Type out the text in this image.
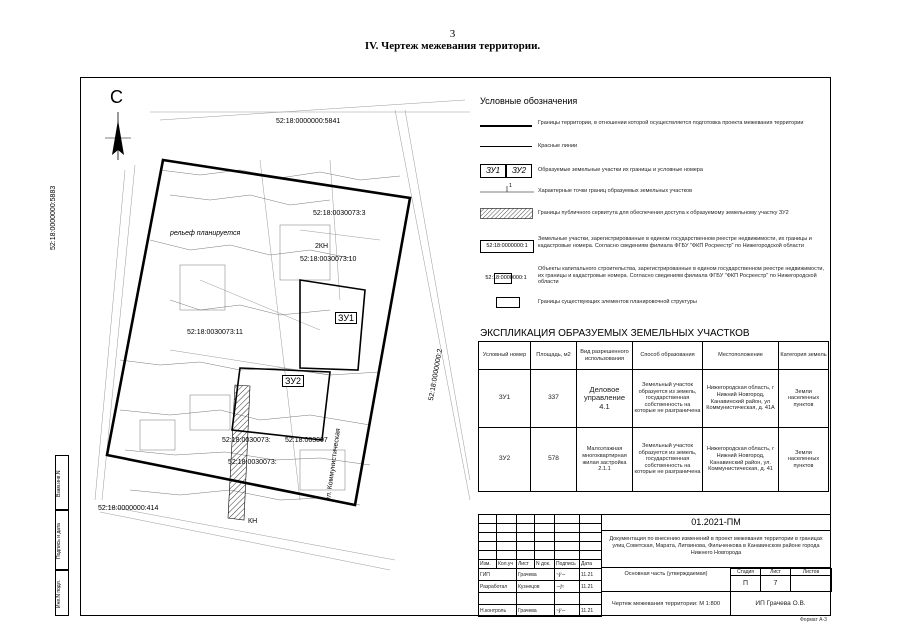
3
IV. Чертеж межевания территории.
Взам.инв.N
Подпись и дата
Инв.N подл.
С
52:18:0000000:5841
52:18:0000000:5883
52:18:0000000:414
52:18:0000000:2
52:18:0030073:3
52:18:0030073:10
52:18:0030073:11
52:18:0030073:
52:18:0030073:
52:18:003007
ЗУ1
ЗУ2
рельеф планируется
КН
2КН
ул. Коммунистическая
Условные обозначения
Границы территории, в отношении которой осуществляется подготовка проекта межевания территории
Красные линии
ЗУ1	ЗУ2	Образуемые земельные участки их границы и условные номера
1
Характерные точки границ образуемых земельных участков
Границы публичного сервитута для обеспечения доступа к образуемому земельному участку ЗУ2
52:18:0000000:1
Земельные участки, зарегистрированные в едином государственном реестре недвижимости, их границы и кадастровые номера. Согласно сведениям филиала ФГБУ "ФКП Росреестр" по Нижегородской области
52:18:0000000:1
Объекты капитального строительства, зарегистрированные в едином государственном реестре недвижимости, их границы и кадастровые номера. Согласно сведениям филиала ФГБУ "ФКП Росреестр" по Нижегородской области
Границы существующих элементов планировочной структуры
ЭКСПЛИКАЦИЯ ОБРАЗУЕМЫХ ЗЕМЕЛЬНЫХ УЧАСТКОВ
Условный номер	Площадь, м2	Вид разрешенного использования	Способ образования	Местоположение	Категория земель
ЗУ1	337	Деловое управление 4.1	Земельный участок образуется из земель, государственная собственность на которые не разграничена	Нижегородская область, г Нижний Новгород, Канавинский район, ул Коммунистическая, д. 41А	Земли населенных пунктов
ЗУ2	578	Малоэтажная многоквартирная жилая застройка 2.1.1	Земельный участок образуется из земель, государственная собственность на которые не разграничена	Нижегородская область, г Нижний Новгород, Канавинский район, ул. Коммунистическая, д. 41	Земли населенных пунктов

Изм.	Кол.уч	Лист	N док.	Подпись	Дата
ГИП	Грачева	~∫∕∼	11.21
Разработал	Кузнецов	∼∫≈	11.21

Н.контроль	Грачева	~∫∕∼	11.21
01.2021-ПМ
Документация по внесению изменений в проект межевания территории в границах улиц Советская, Марата, Литвинова, Фильченкова в Канавинском районе города Нижнего Новгорода
Основная часть (утверждаемая)	Стадия	Лист	Листов
П	7	
Чертеж межевания территории: М 1:800	ИП Грачева О.В.
Формат А-3
